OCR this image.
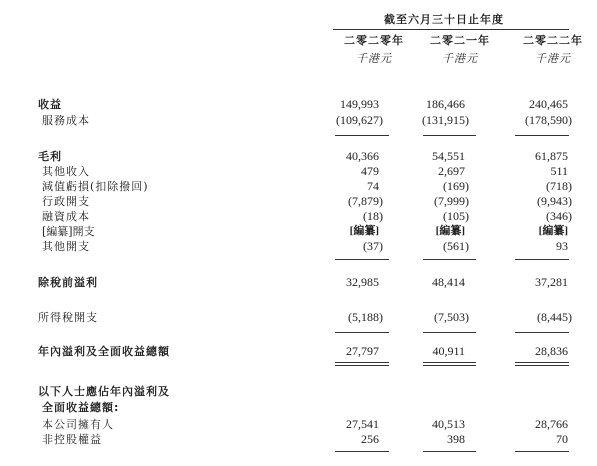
截至六月三十日止年度
二零二零年	二零二一年	二零二二年
千港元	千港元	千港元
收益	149,993	186,466	240,465
服務成本	(109,627)	(131,915)	(178,590)
毛利	40,366	54,551	61,875
其他收入	479	2,697	511
減值虧損(扣除撥回)	74	(169)	(718)
行政開支	(7,879)	(7,999)	(9,943)
融資成本	(18)	(105)	(346)
[編纂]開支	[編纂]	[編纂]	[編纂]
其他開支	(37)	(561)	93
除稅前溢利	32,985	48,414	37,281
所得稅開支	(5,188)	(7,503)	(8,445)
年內溢利及全面收益總額	27,797	40,911	28,836
以下人士應佔年內溢利及
全面收益總額:
本公司擁有人	27,541	40,513	28,766
非控股權益	256	398	70
